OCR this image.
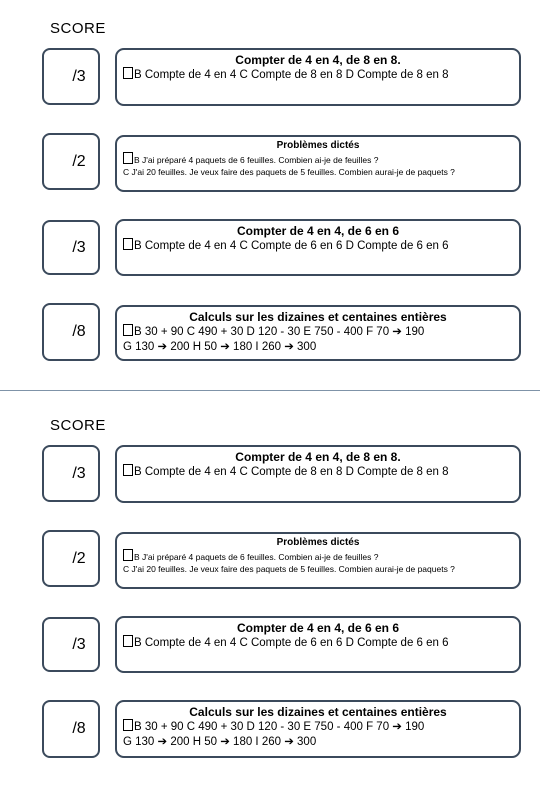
SCORE
/3
Compter de 4 en 4, de 8 en 8.
B Compte de 4 en 4 C Compte de 8 en 8 D Compte de 8 en 8
/2
Problèmes dictés
B J'ai préparé 4 paquets de 6 feuilles. Combien ai-je de feuilles ?
C J'ai 20 feuilles. Je veux faire des paquets de 5 feuilles. Combien aurai-je de paquets ?
/3
Compter de 4 en 4, de 6 en 6
B Compte de 4 en 4 C Compte de 6 en 6 D Compte de 6 en 6
/8
Calculs sur les dizaines et centaines entières
B 30 + 90 C 490 + 30 D 120 - 30 E 750 - 400 F 70 ➔ 190
G 130 ➔ 200 H 50 ➔ 180 I 260 ➔ 300
SCORE
/3
Compter de 4 en 4, de 8 en 8.
B Compte de 4 en 4 C Compte de 8 en 8 D Compte de 8 en 8
/2
Problèmes dictés
B J'ai préparé 4 paquets de 6 feuilles. Combien ai-je de feuilles ?
C J'ai 20 feuilles. Je veux faire des paquets de 5 feuilles. Combien aurai-je de paquets ?
/3
Compter de 4 en 4, de 6 en 6
B Compte de 4 en 4 C Compte de 6 en 6 D Compte de 6 en 6
/8
Calculs sur les dizaines et centaines entières
B 30 + 90 C 490 + 30 D 120 - 30 E 750 - 400 F 70 ➔ 190
G 130 ➔ 200 H 50 ➔ 180 I 260 ➔ 300
